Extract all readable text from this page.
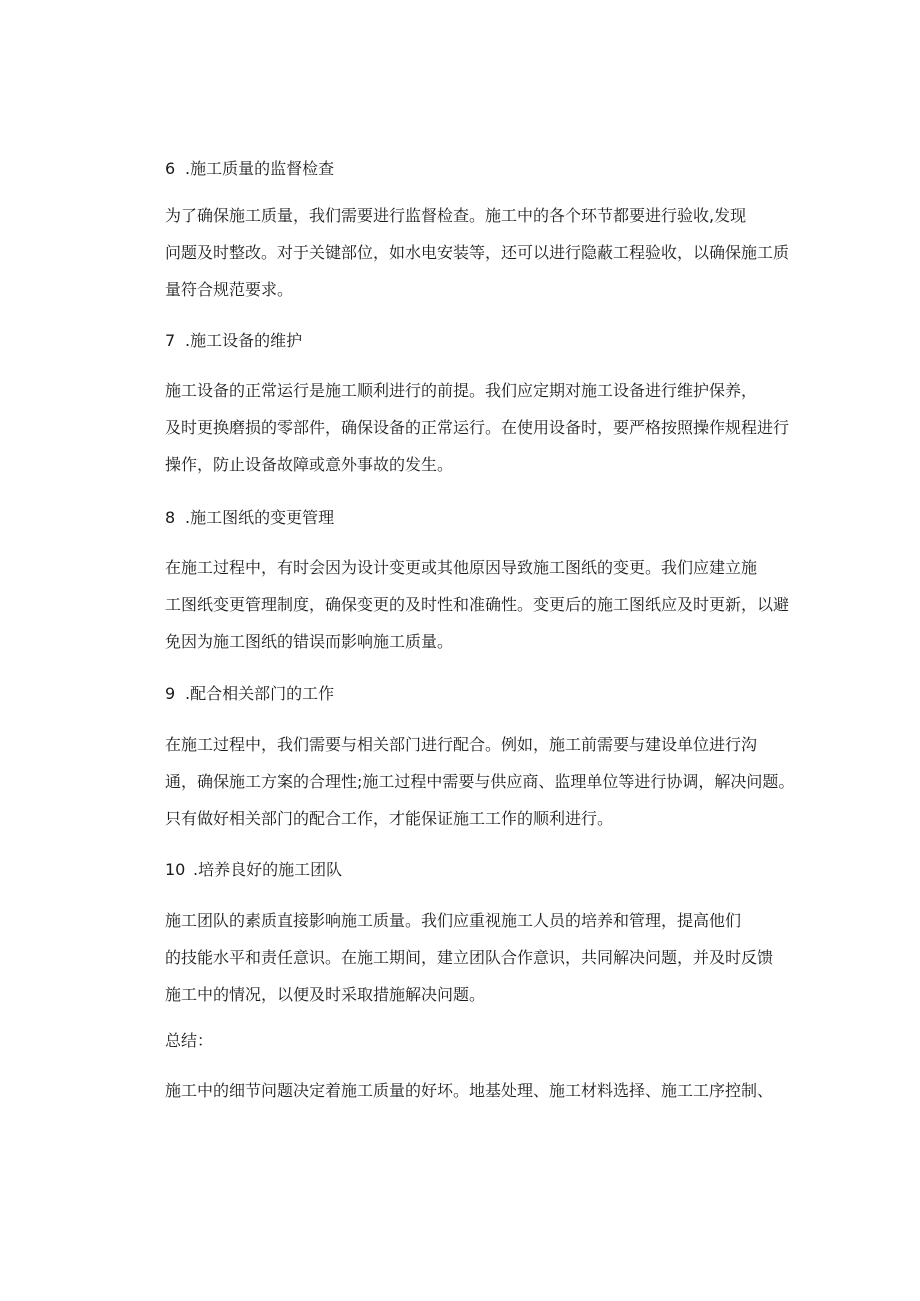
6 .施工质量的监督检查
为了确保施工质量，我们需要进行监督检查。施工中的各个环节都要进行验收,发现
问题及时整改。对于关键部位，如水电安装等，还可以进行隐蔽工程验收，以确保施工质
量符合规范要求。
7 .施工设备的维护
施工设备的正常运行是施工顺利进行的前提。我们应定期对施工设备进行维护保养，
及时更换磨损的零部件，确保设备的正常运行。在使用设备时，要严格按照操作规程进行
操作，防止设备故障或意外事故的发生。
8 .施工图纸的变更管理
在施工过程中，有时会因为设计变更或其他原因导致施工图纸的变更。我们应建立施
工图纸变更管理制度，确保变更的及时性和准确性。变更后的施工图纸应及时更新，以避
免因为施工图纸的错误而影响施工质量。
9 .配合相关部门的工作
在施工过程中，我们需要与相关部门进行配合。例如，施工前需要与建设单位进行沟
通，确保施工方案的合理性;施工过程中需要与供应商、监理单位等进行协调，解决问题。
只有做好相关部门的配合工作，才能保证施工工作的顺利进行。
10 .培养良好的施工团队
施工团队的素质直接影响施工质量。我们应重视施工人员的培养和管理，提高他们
的技能水平和责任意识。在施工期间，建立团队合作意识，共同解决问题，并及时反馈
施工中的情况，以便及时采取措施解决问题。
总结：
施工中的细节问题决定着施工质量的好坏。地基处理、施工材料选择、施工工序控制、
